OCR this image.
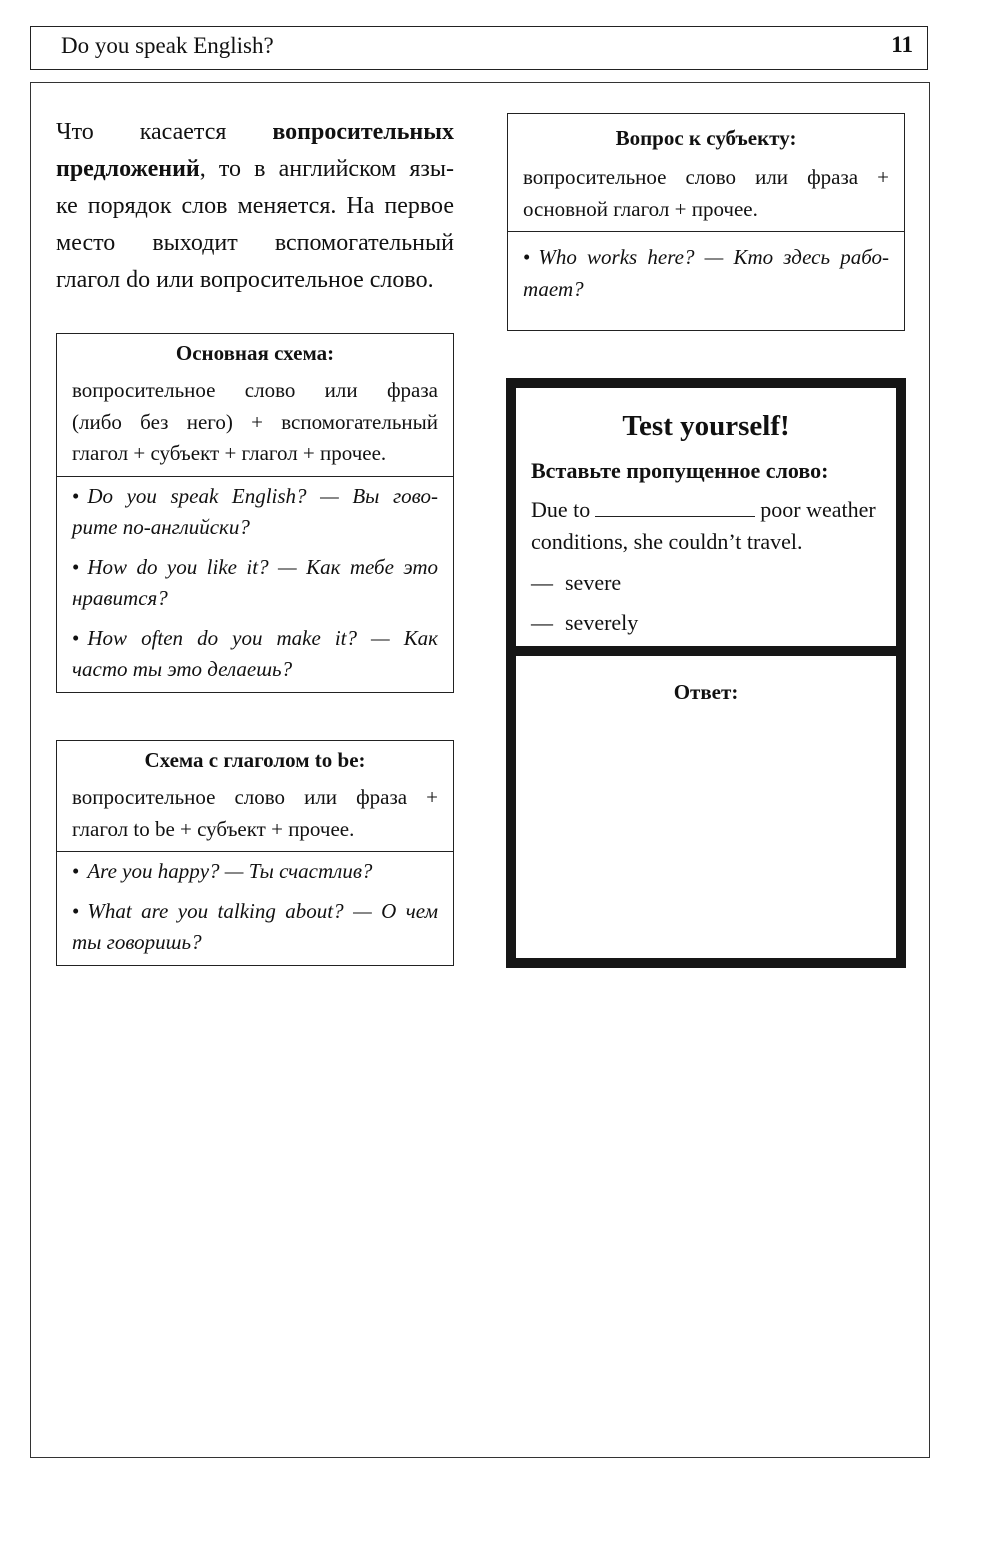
Do you speak English?	11

Что касается вопросительных
предложений, то в английском язы-
ке порядок слов меняется. На первое
место выходит вспомогательный
глагол do или вопросительное слово.

Основная схема:
вопросительное слово или фраза
(либо без него) + вспомогательный
глагол + субъект + глагол + прочее.
• Do you speak English? — Вы гово-
рите по-английски?
• How do you like it? — Как тебе это
нравится?
• How often do you make it? — Как
часто ты это делаешь?
Схема с глаголом to be:
вопросительное слово или фраза +
глагол to be + субъект + прочее.
• Are you happy? — Ты счастлив?
• What are you talking about? — О чем
ты говоришь?
Вопрос к субъекту:
вопросительное слово или фраза +
основной глагол + прочее.
• Who works here? — Кто здесь рабо-
тает?
Test yourself!
Вставьте пропущенное слово:
Due to	poor weather
conditions, she couldn’t travel.
— severe
— severely
Ответ:
